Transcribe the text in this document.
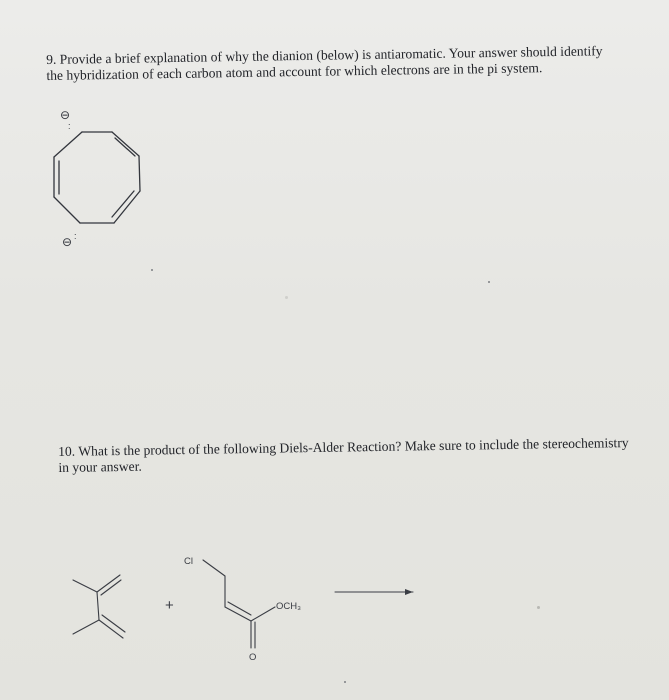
9. Provide a brief explanation of why the dianion (below) is antiaromatic. Your answer should identify
the hybridization of each carbon atom and account for which electrons are in the pi system.

⊖
:
⊖ :

10. What is the product of the following Diels-Alder Reaction? Make sure to include the stereochemistry
in your answer.

+
Cl
OCH₃
O
